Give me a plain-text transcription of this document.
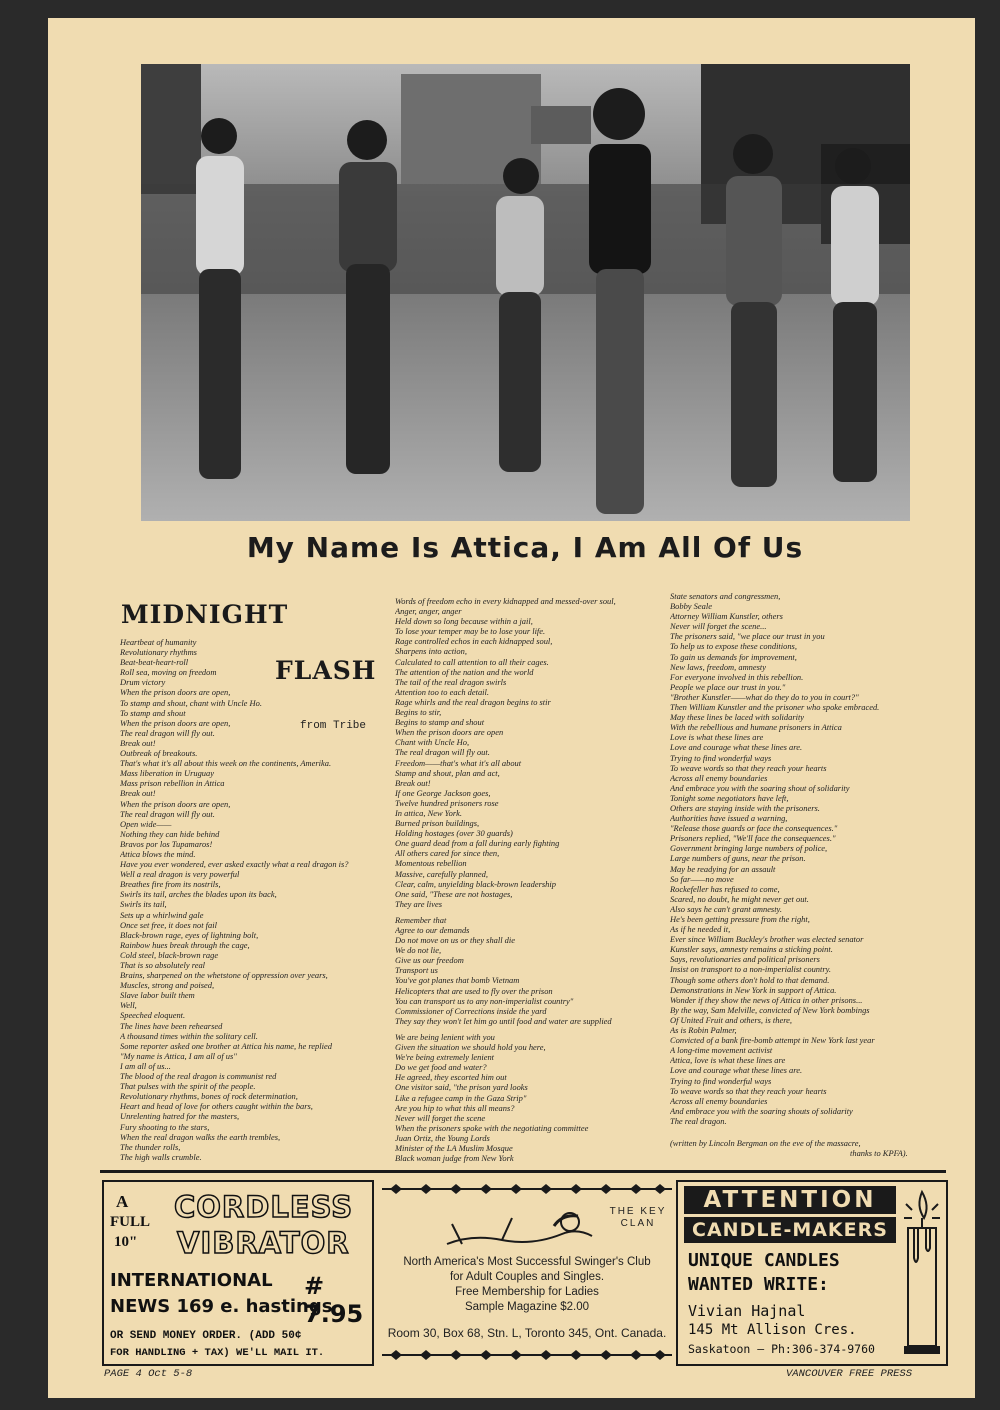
My Name Is Attica, I Am All Of Us
MIDNIGHT
FLASH
from Tribe
Heartbeat of humanity
Revolutionary rhythms
Beat-beat-heart-roll
Roll sea, moving on freedom
Drum victory
When the prison doors are open,
To stamp and shout, chant with Uncle Ho.
To stamp and shout
When the prison doors are open,
The real dragon will fly out.
Break out!
Outbreak of breakouts.
That's what it's all about this week on the continents, Amerika.
Mass liberation in Uruguay
Mass prison rebellion in Attica
Break out!
When the prison doors are open,
The real dragon will fly out.
Open wide——
Nothing they can hide behind
Bravos por los Tupamaros!
Attica blows the mind.
Have you ever wondered, ever asked exactly what a real dragon is?
Well a real dragon is very powerful
Breathes fire from its nostrils,
Swirls its tail, arches the blades upon its back,
Swirls its tail,
Sets up a whirlwind gale
Once set free, it does not fail
Black-brown rage, eyes of lightning bolt,
Rainbow hues break through the cage,
Cold steel, black-brown rage
That is so absolutely real
Brains, sharpened on the whetstone of oppression over years,
Muscles, strong and poised,
Slave labor built them
Well,
Speeched eloquent.
The lines have been rehearsed
A thousand times within the solitary cell.
Some reporter asked one brother at Attica his name, he replied
"My name is Attica, I am all of us"
I am all of us...
The blood of the real dragon is communist red
That pulses with the spirit of the people.
Revolutionary rhythms, bones of rock determination,
Heart and head of love for others caught within the bars,
Unrelenting hatred for the masters,
Fury shooting to the stars,
When the real dragon walks the earth trembles,
The thunder rolls,
The high walls crumble.
Words of freedom echo in every kidnapped and messed-over soul,
Anger, anger, anger
Held down so long because within a jail,
To lose your temper may be to lose your life.
Rage controlled echos in each kidnapped soul,
Sharpens into action,
Calculated to call attention to all their cages.
The attention of the nation and the world
The tail of the real dragon swirls
Attention too to each detail.
Rage whirls and the real dragon begins to stir
Begins to stir,
Begins to stamp and shout
When the prison doors are open
Chant with Uncle Ho,
The real dragon will fly out.
Freedom——that's what it's all about
Stamp and shout, plan and act,
Break out!
If one George Jackson goes,
Twelve hundred prisoners rose
In attica, New York.
Burned prison buildings,
Holding hostages (over 30 guards)
One guard dead from a fall during early fighting
All others cared for since then,
Momentous rebellion
Massive, carefully planned,
Clear, calm, unyielding black-brown leadership
One said, "These are not hostages,
They are lives
Remember that
Agree to our demands
Do not move on us or they shall die
We do not lie,
Give us our freedom
Transport us
You've got planes that bomb Vietnam
Helicopters that are used to fly over the prison
You can transport us to any non-imperialist country"
Commissioner of Corrections inside the yard
They say they won't let him go until food and water are supplied
We are being lenient with you
Given the situation we should hold you here,
We're being extremely lenient
Do we get food and water?
He agreed, they escorted him out
One visitor said, "the prison yard looks
Like a refugee camp in the Gaza Strip"
Are you hip to what this all means?
Never will forget the scene
When the prisoners spoke with the negotiating committee
Juan Ortiz, the Young Lords
Minister of the LA Muslim Mosque
Black woman judge from New York
State senators and congressmen,
Bobby Seale
Attorney William Kunstler, others
Never will forget the scene...
The prisoners said, "we place our trust in you
To help us to expose these conditions,
To gain us demands for improvement,
New laws, freedom, amnesty
For everyone involved in this rebellion.
People we place our trust in you."
"Brother Kunstler——what do they do to you in court?"
Then William Kunstler and the prisoner who spoke embraced.
May these lines be laced with solidarity
With the rebellious and humane prisoners in Attica
Love is what these lines are
Love and courage what these lines are.
Trying to find wonderful ways
To weave words so that they reach your hearts
Across all enemy boundaries
And embrace you with the soaring shout of solidarity
Tonight some negotiators have left,
Others are staying inside with the prisoners.
Authorities have issued a warning,
"Release those guards or face the consequences."
Prisoners replied, "We'll face the consequences."
Government bringing large numbers of police,
Large numbers of guns, near the prison.
May be readying for an assault
So far——no move
Rockefeller has refused to come,
Scared, no doubt, he might never get out.
Also says he can't grant amnesty.
He's been getting pressure from the right,
As if he needed it,
Ever since William Buckley's brother was elected senator
Kunstler says, amnesty remains a sticking point.
Says, revolutionaries and political prisoners
Insist on transport to a non-imperialist country.
Though some others don't hold to that demand.
Demonstrations in New York in support of Attica.
Wonder if they show the news of Attica in other prisons...
By the way, Sam Melville, convicted of New York bombings
Of United Fruit and others, is there,
As is Robin Palmer,
Convicted of a bank fire-bomb attempt in New York last year
A long-time movement activist
Attica, love is what these lines are
Love and courage what these lines are.
Trying to find wonderful ways
To weave words so that they reach your hearts
Across all enemy boundaries
And embrace you with the soaring shouts of solidarity
The real dragon.
(written by Lincoln Bergman on the eve of the massacre,
thanks to KPFA).
A
FULL
10"
CORDLESS
VIBRATOR
INTERNATIONAL
NEWS 169 e. hastings
# 7.95
OR SEND MONEY ORDER. (ADD 50¢
FOR HANDLING + TAX) WE'LL MAIL IT.
THE KEY CLAN
North America's Most Successful Swinger's Club
for Adult Couples and Singles.
Free Membership for Ladies
Sample Magazine $2.00
Room 30, Box 68, Stn. L, Toronto 345, Ont. Canada.
ATTENTION
CANDLE-MAKERS
UNIQUE CANDLES
WANTED WRITE:
Vivian Hajnal
145 Mt Allison Cres.
Saskatoon — Ph:306-374-9760
PAGE 4 Oct 5-8	VANCOUVER FREE PRESS
